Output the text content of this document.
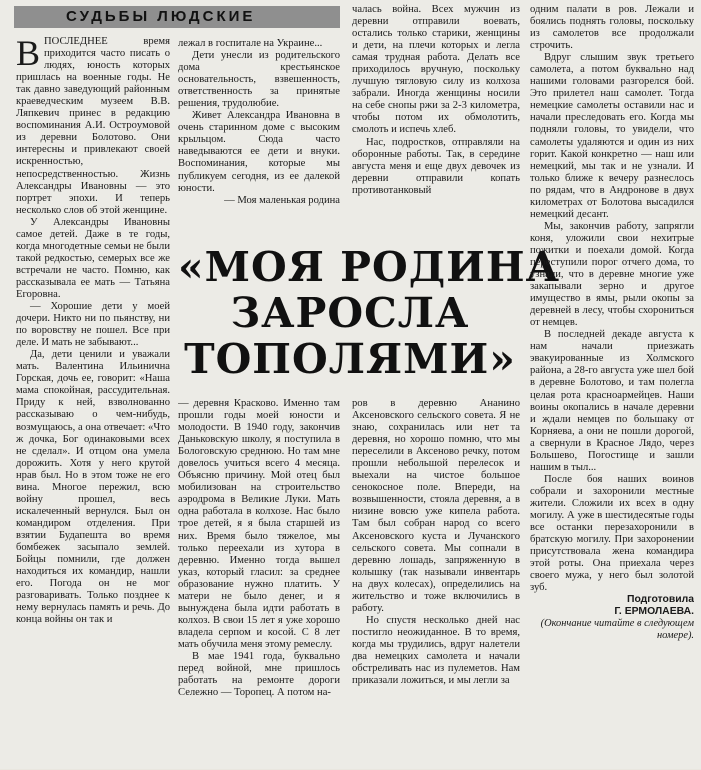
СУДЬБЫ ЛЮДСКИЕ

ВПОСЛЕДНЕЕ время приходится часто писать о людях, юность которых пришлась на военные годы. Не так давно заведующий районным краеведческим музеем В.В. Ляпкевич принес в редакцию воспоминания А.И. Острoумовой из деревни Болотово. Они интересны и привлекают своей искренностью, непосредственностью. Жизнь Александры Ивановны — это портрет эпохи. И теперь несколько слов об этой женщине.

У Александры Ивановны самое детей. Даже в те годы, когда многодетные семьи не были такой редкостью, семерых все же встречали не часто. Помню, как рассказывала ее мать — Татьяна Егоровна.

— Хорошие дети у моей дочери. Никто ни по пьянству, ни по воровству не пошел. Все при деле. И мать не забывают...

Да, дети ценили и уважали мать. Валентина Ильинична Горская, дочь ее, говорит: «Наша мама спокойная, рассудительная. Приду к ней, взволнованно рассказываю о чем-нибудь, возмущаюсь, а она отвечает: «Что ж дочка, Бог одинаковыми всех не сделал». И отцом она умела дорожить. Хотя у него крутой нрав был. Но в этом тоже не его вина. Многое пережил, всю войну прошел, весь искалеченный вернулся. Был он командиром отделения. При взятии Будапешта во время бомбежек засыпало землей. Бойцы помнили, где должен находиться их командир, нашли его. Погода он не мог разговаривать. Только позднее к нему вернулась память и речь. До конца войны он так и

лежал в госпитале на Украине...

Дети унесли из родительского дома крестьянское основательность, взвешенность, ответственность за принятые решения, трудолюбие.

Живет Александра Ивановна в очень старинном доме с высоким крыльцом. Сюда часто наведываются ее дети и внуки. Воспоминания, которые мы публикуем сегодня, из ее далекой юности.

— Моя маленькая родина

чалась война. Всех мужчин из деревни отправили воевать, остались только старики, женщины и дети, на плечи которых и легла самая трудная работа. Делать все приходилось вручную, поскольку лучшую тягловую силу из колхоза забрали. Иногда женщины носили на себе снопы ржи за 2-3 километра, чтобы потом их обмолотить, смолоть и испечь хлеб.

Нас, подростков, отправляли на оборонные работы. Так, в середине августа меня и еще двух девочек из деревни отправили копать противотанковый

«МОЯ РОДИНА
ЗАРОСЛА
ТОПОЛЯМИ»

— деревня Красково. Именно там прошли годы моей юности и молодости. В 1940 году, закончив Даньковскую школу, я поступила в Бологовскую среднюю. Но там мне довелось учиться всего 4 месяца. Объясню причину. Мой отец был мобилизован на строительство аэродрома в Великие Луки. Мать одна работала в колхозе. Нас было трое детей, я я была старшей из них. Время было тяжелое, мы только переехали из хутора в деревню. Именно тогда вышел указ, который гласил: за среднее образование нужно платить. У матери не было денег, и я вынуждена была идти работать в колхоз. В свои 15 лет я уже хорошо владела серпом и косой. С 8 лет мать обучила меня этому ремеслу.

В мае 1941 года, буквально перед войной, мне пришлось работать на ремонте дороги Сележно — Торопец. А потом на-

ров в деревню Ананино Аксеновского сельского совета. Я не знаю, сохранилась или нет та деревня, но хорошо помню, что мы переселили в Аксеново речку, потом прошли небольшой перелесок и выехали на чистое большое сенокосное поле. Впереди, на возвышенности, стояла деревня, а в низине вовсю уже кипела работа. Там был собран народ со всего Аксеновского куста и Лучанского сельского совета. Мы сопнали в деревню лошадь, запряженную в колышку (так называли инвентарь на двух колесах), определились на жительство и тоже включились в работу.

Но спустя несколько дней нас постигло неожиданное. В то время, когда мы трудились, вдруг налетели два немецких самолета и начали обстреливать нас из пулеметов. Нам приказали ложиться, и мы легли за

одним палати в ров. Лежали и боялись поднять головы, поскольку из самолетов все продолжали строчить.

Вдруг слышим звук третьего самолета, а потом буквально над нашими головами разгорелся бой. Это прилетел наш самолет. Тогда немецкие самолеты оставили нас и начали преследовать его. Когда мы подняли головы, то увидели, что самолеты удаляются и один из них горит. Какой конкретно — наш или немецкий, мы так и не узнали. И только ближе к вечеру разнеслось по рядам, что в Андронове в двух километрах от Болотова высадился немецкий десант.

Мы, закончив работу, запрягли коня, уложили свои нехитрые пожитки и поехали домой. Когда переступили порог отчего дома, то узнали, что в деревне многие уже закапывали зерно и другое имущество в ямы, рыли окопы за деревней в лесу, чтобы схорониться от немцев.

В последней декаде августа к нам начали приезжать эвакуированные из Холмского района, а 28-го августа уже шел бой в деревне Болотово, и там полегла целая рота красноармейцев. Наши воины окопались в начале деревни и ждали немцев по большаку от Корняева, а они не пошли дорогой, а свернули в Красное Лядо, через Большево, Погостище и зашли нашим в тыл...

После боя наших воинов собрали и захоронили местные жители. Сложили их всех в одну могилу. А уже в шестидесятые годы все останки перезахоронили в братскую могилу. При захоронении присутствовала жена командира этой роты. Она приехала через своего мужа, у него был золотой зуб.

Подготовила
Г. ЕРМОЛАЕВА.
(Окончание читайте в следующем номере).
